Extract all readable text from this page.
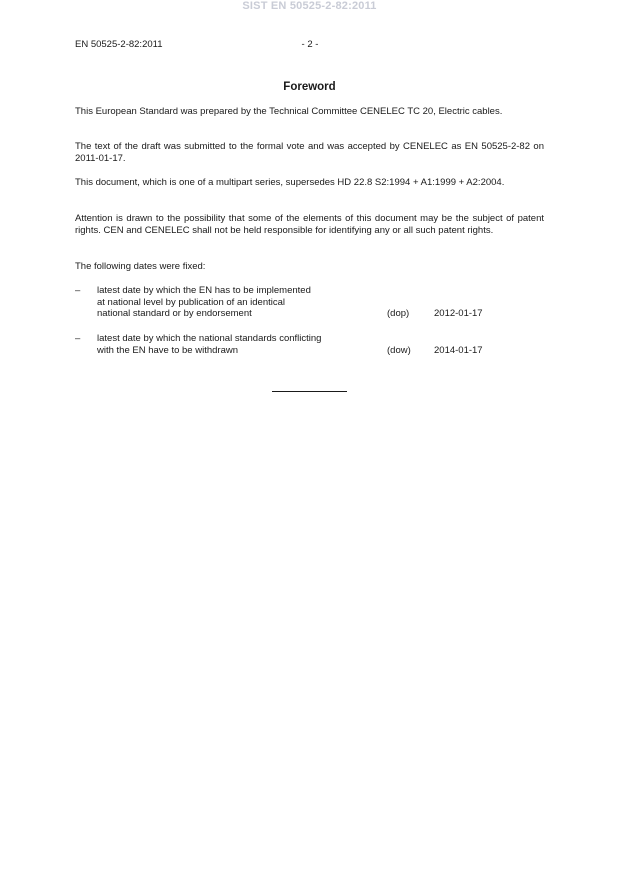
SIST EN 50525-2-82:2011
EN 50525-2-82:2011	- 2 -
Foreword
This European Standard was prepared by the Technical Committee CENELEC TC 20, Electric cables.
The text of the draft was submitted to the formal vote and was accepted by CENELEC as EN 50525-2-82 on 2011-01-17.
This document, which is one of a multipart series, supersedes HD 22.8 S2:1994 + A1:1999 + A2:2004.
Attention is drawn to the possibility that some of the elements of this document may be the subject of patent rights. CEN and CENELEC shall not be held responsible for identifying any or all such patent rights.
The following dates were fixed:
– latest date by which the EN has to be implemented
at national level by publication of an identical
national standard or by endorsement	(dop)	2012-01-17
– latest date by which the national standards conflicting
with the EN have to be withdrawn	(dow) 2014-01-17
